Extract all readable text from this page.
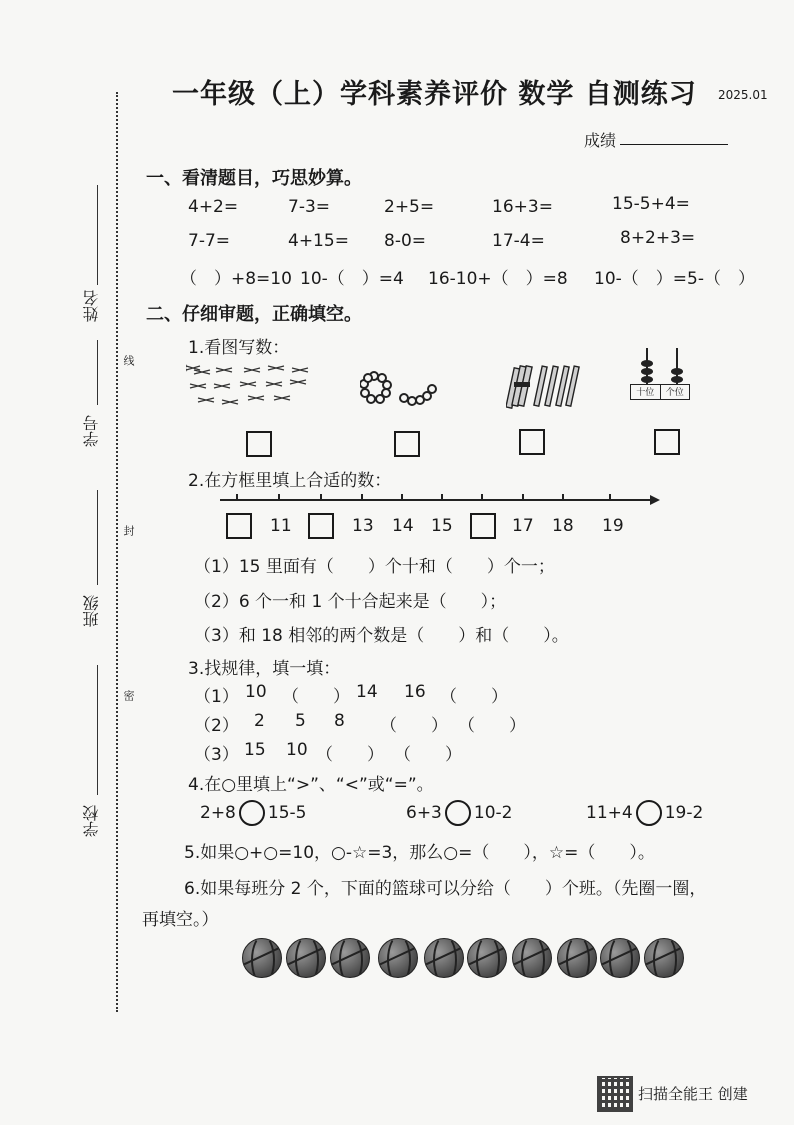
线
封
密
姓名
学号
班级
学校
一年级（上）学科素养评价 数学 自测练习 2025.01
成绩
一、看清题目，巧思妙算。
4+2=	7-3=	2+5=	16+3=	15-5+4=
7-7=	4+15= 8-0=	17-4=	8+2+3=
（　）+8=10 10-（　）=4 16-10+（　）=8 10-（　）=5-（　）
二、仔细审题，正确填空。
1.看图写数：
十位	个位
2.在方框里填上合适的数：
11	13 14 15	17 18 19
（1）15 里面有（　　）个十和（　　）个一；
（2）6 个一和 1 个十合起来是（　　）；
（3）和 18 相邻的两个数是（　　）和（　　）。
3.找规律，填一填：
（1） 10 （　　） 14 16 （　　）
（2） 2 5 8 （　　） （　　）
（3） 15 10 （　　） （　　）
4.在○里填上“>”、“<”或“=”。
2+8 15-5	6+3 10-2	11+4 19-2
5.如果○+○=10，○-☆=3，那么○=（　　），☆=（　　）。
6.如果每班分 2 个，下面的篮球可以分给（　　）个班。（先圈一圈，
再填空。）
扫描全能王 创建
